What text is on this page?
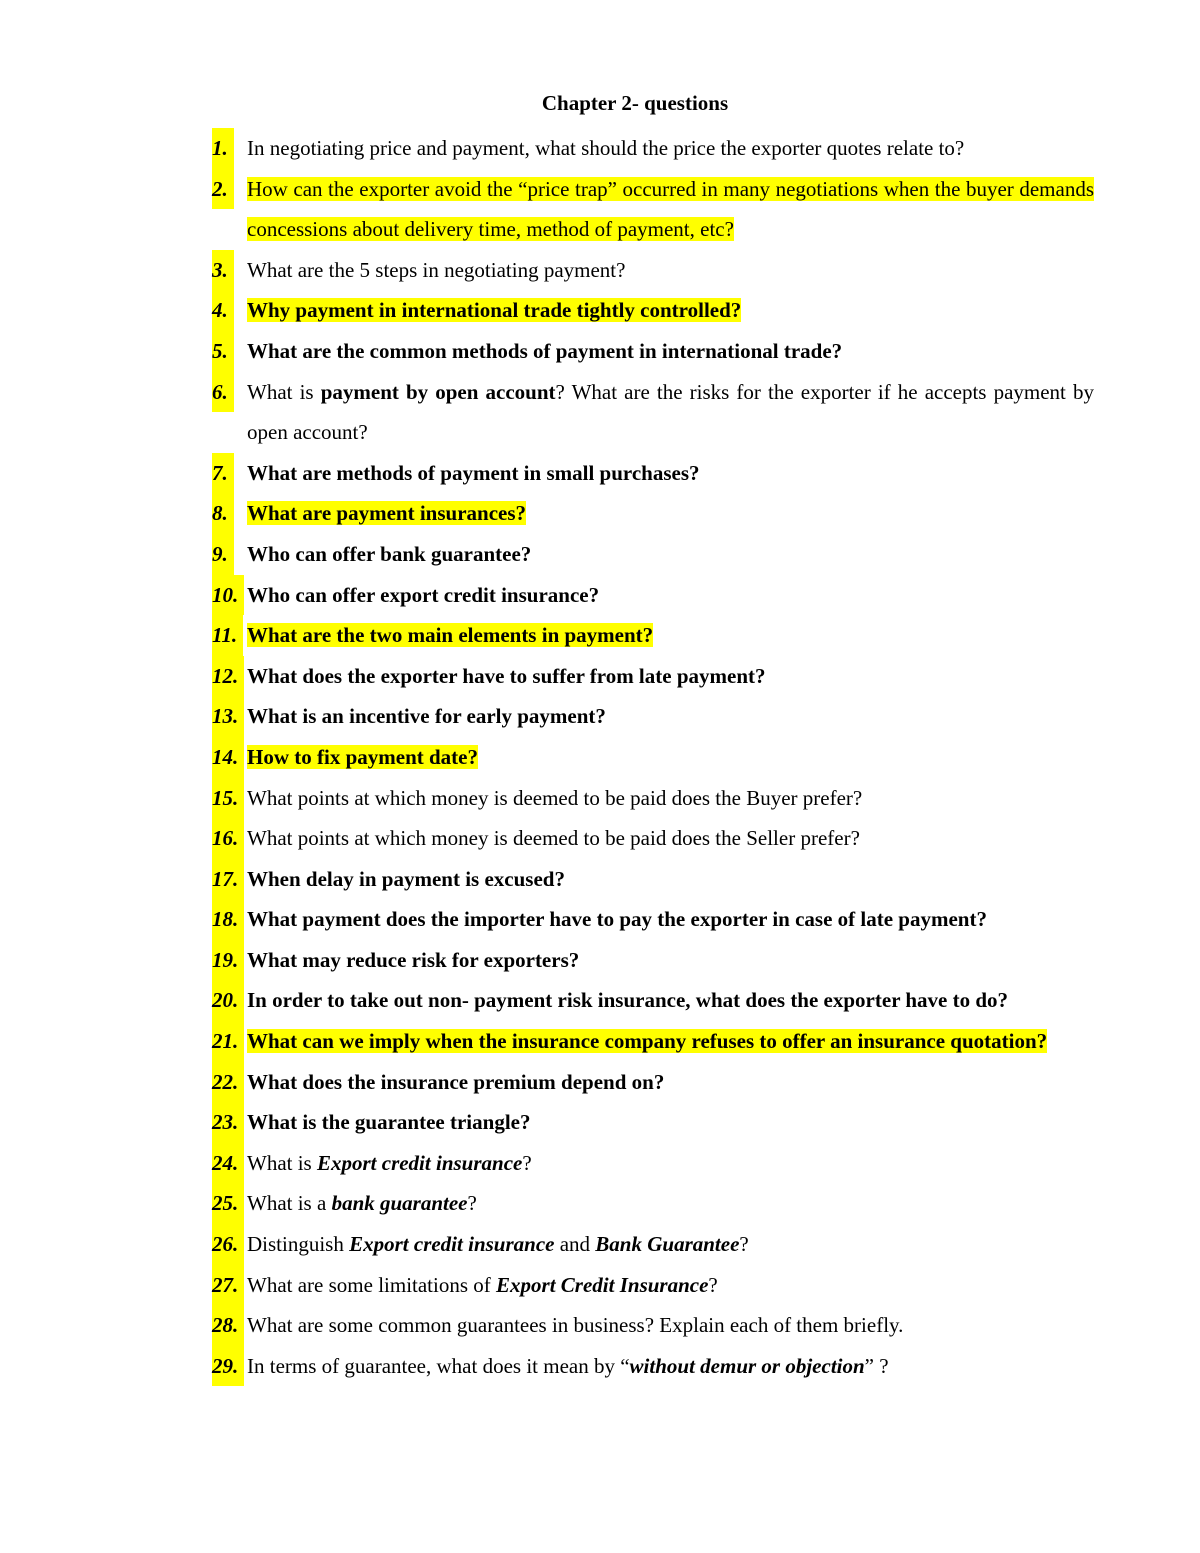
Chapter 2- questions
1. In negotiating price and payment, what should the price the exporter quotes relate to?
2. How can the exporter avoid the “price trap” occurred in many negotiations when the buyer demands concessions about delivery time, method of payment, etc?
3. What are the 5 steps in negotiating payment?
4. Why payment in international trade tightly controlled?
5. What are the common methods of payment in international trade?
6. What is payment by open account? What are the risks for the exporter if he accepts payment by open account?
7. What are methods of payment in small purchases?
8. What are payment insurances?
9. Who can offer bank guarantee?
10. Who can offer export credit insurance?
11. What are the two main elements in payment?
12. What does the exporter have to suffer from late payment?
13. What is an incentive for early payment?
14. How to fix payment date?
15. What points at which money is deemed to be paid does the Buyer prefer?
16. What points at which money is deemed to be paid does the Seller prefer?
17. When delay in payment is excused?
18. What payment does the importer have to pay the exporter in case of late payment?
19. What may reduce risk for exporters?
20. In order to take out non- payment risk insurance, what does the exporter have to do?
21. What can we imply when the insurance company refuses to offer an insurance quotation?
22. What does the insurance premium depend on?
23. What is the guarantee triangle?
24. What is Export credit insurance?
25. What is a bank guarantee?
26. Distinguish Export credit insurance and Bank Guarantee?
27. What are some limitations of Export Credit Insurance?
28. What are some common guarantees in business? Explain each of them briefly.
29. In terms of guarantee, what does it mean by “without demur or objection” ?
